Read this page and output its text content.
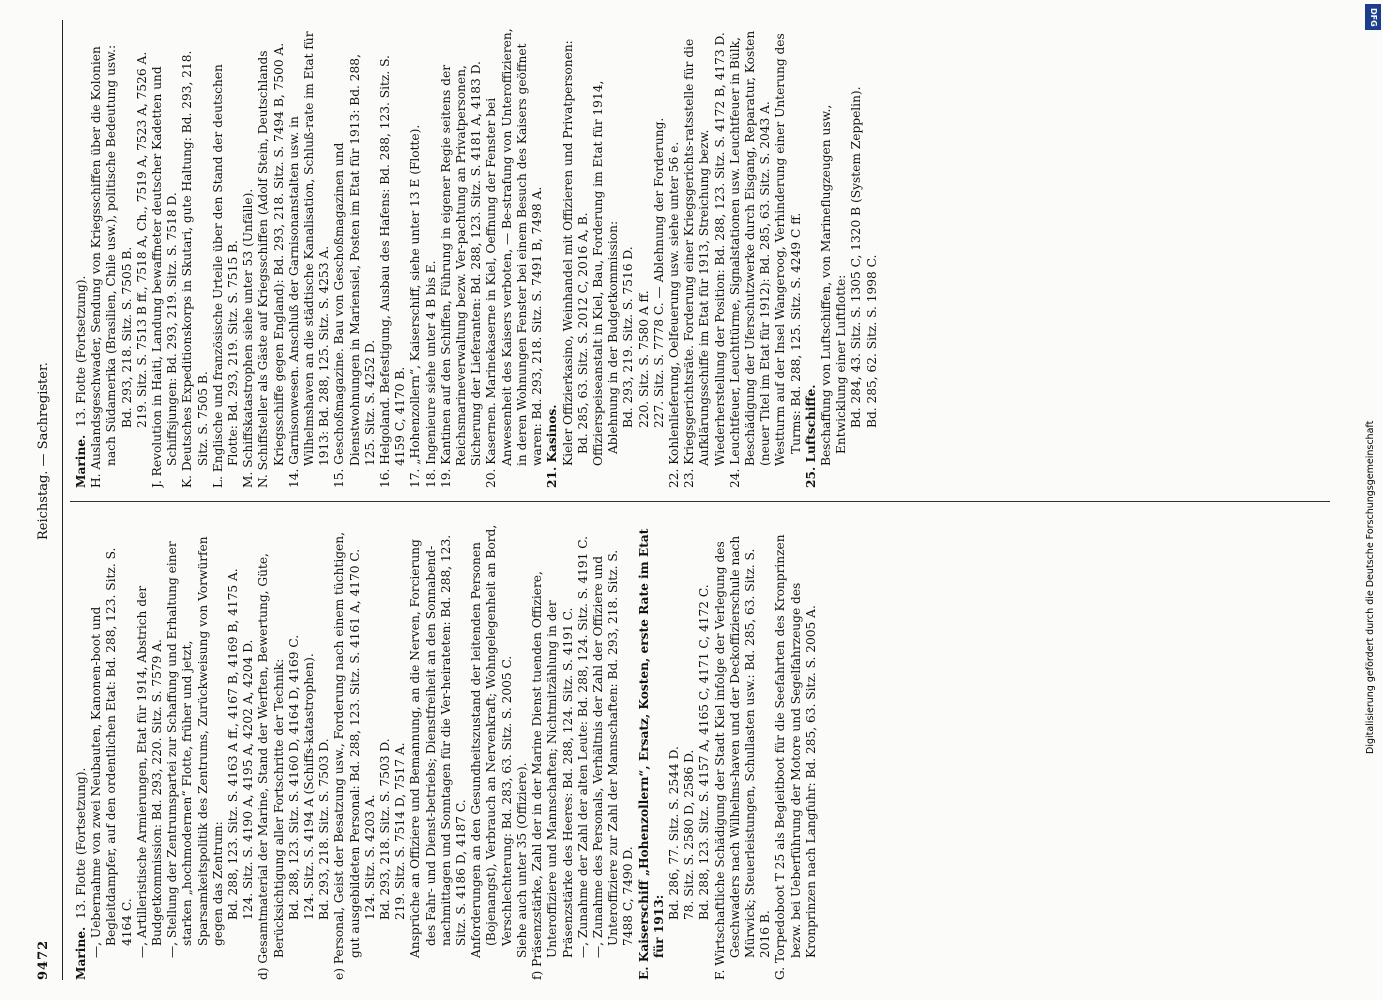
9472
Reichstag. — Sachregister.
Marine.  13. Flotte (Fortsetzung). —, Uebernahme von zwei Neubauten, Kanonen-boot und Begleitdampfer, auf den ordentlichen Etat: Bd. 288, 123. Sitz. S. 4164 C. —, Artilleristische Armierungen, Etat für 1914, Abstrich der Budgetkommission: Bd. 293, 220. Sitz. S. 7579 A. —, Stellung der Zentrumspartei zur Schaffung und Erhaltung einer starken „hochmodernen“ Flotte, früher und jetzt, Sparsamkeitspolitik des Zentrums, Zurückweisung von Vorwürfen gegen das Zentrum: Bd. 288, 123. Sitz. S. 4163 A ff., 4167 B, 4169 B, 4175 A. 124. Sitz. S. 4190 A, 4195 A, 4202 A, 4204 D. d) Gesamtmaterial der Marine, Stand der Werften, Bewertung, Güte, Berücksichtigung aller Fortschritte der Technik: Bd. 288, 123. Sitz. S. 4160 D, 4164 D, 4169 C. 124. Sitz. S. 4194 A (Schiffs-katastrophen). Bd. 293, 218. Sitz. S. 7503 D. e) Personal, Geist der Besatzung usw., Forderung nach einem tüchtigen, gut ausgebildeten Personal: Bd. 288, 123. Sitz. S. 4161 A, 4170 C. 124. Sitz. S. 4203 A. Bd. 293, 218. Sitz. S. 7503 D. 219. Sitz. S. 7514 D, 7517 A. Ansprüche an Offiziere und Bemannung, an die Nerven, Forcierung des Fahr- und Dienst-betriebs; Dienstfreiheit an den Sonnabend-nachmittagen und Sonntagen für die Ver-heirateten: Bd. 288, 123. Sitz. S. 4186 D, 4187 C. Anforderungen an den Gesundheitszustand der leitenden Personen (Bojenangst), Verbrauch an Nervenkraft; Wohngelegenheit an Bord, Verschlechterung: Bd. 283, 63. Sitz. S. 2005 C. Siehe auch unter 35 (Offiziere). f) Präsenzstärke, Zahl der in der Marine Dienst tuenden Offiziere, Unteroffiziere und Mannschaften; Nichtmitzählung in der Präsenzstärke des Heeres: Bd. 288, 124. Sitz. S. 4191 C. —, Zunahme der Zahl der alten Leute: Bd. 288, 124. Sitz. S. 4191 C. —, Zunahme des Personals, Verhältnis der Zahl der Offiziere und Unteroffiziere zur Zahl der Mannschaften: Bd. 293, 218. Sitz. S. 7488 C, 7490 D. E. Kaiserschiff „Hohenzollern“, Ersatz, Kosten, erste Rate im Etat für 1913:
Bd. 286, 77. Sitz. S. 2544 D. 78. Sitz. S. 2580 D, 2586 D. Bd. 288, 123. Sitz. S. 4157 A, 4165 C, 4171 C, 4172 C. F. Wirtschaftliche Schädigung der Stadt Kiel infolge der Verlegung des Geschwaders nach Wilhelms-haven und der Deckoffizierschule nach Mürwick; Steuerleistungen, Schullasten usw.: Bd. 285, 63. Sitz. S. 2016 B. G. Torpedoboot T 25 als Begleitboot für die Seefahrten des Kronprinzen bezw. bei Ueberführung der Motore und Segelfahrzeuge des Kronprinzen nach Langfuhr: Bd. 285, 63. Sitz. S. 2005 A.
Marine.  13. Flotte (Fortsetzung). H. Auslandsgeschwader, Sendung von Kriegsschiffen über die Kolonien nach Südamerika (Brasilien, Chile usw.), politische Bedeutung usw.: Bd. 293, 218. Sitz. S. 7505 B. 219. Sitz. S. 7513 B ff., 7518 A, Ch., 7519 A, 7523 A, 7526 A. J. Revolution in Haiti, Landung bewaffneter deutscher Kadetten und Schiffsjungen: Bd. 293, 219. Sitz. S. 7518 D. K. Deutsches Expeditionskorps in Skutari, gute Haltung: Bd. 293, 218. Sitz. S. 7505 B. L. Englische und französische Urteile über den Stand der deutschen Flotte: Bd. 293, 219. Sitz. S. 7515 B. M. Schiffskatastrophen siehe unter 53 (Unfälle). N. Schiffsteller als Gäste auf Kriegsschiffen (Adolf Stein, Deutschlands Kriegsschiffe gegen England): Bd. 293, 218. Sitz. S. 7494 B, 7500 A. 14. Garnisonwesen. Anschluß der Garnisonanstalten usw. in Wilhelmshaven an die städtische Kanalisation, Schluß-rate im Etat für 1913: Bd. 288, 125. Sitz. S. 4253 A. 15. Geschoßmagazine. Bau von Geschoßmagazinen und Dienstwohnungen in Mariensiel, Posten im Etat für 1913: Bd. 288, 125. Sitz. S. 4252 D. 16. Helgoland. Befestigung, Ausbau des Hafens: Bd. 288, 123. Sitz. S. 4159 C, 4170 B. 17. „Hohenzollern“, Kaiserschiff, siehe unter 13 E (Flotte). 18. Ingenieure siehe unter 4 B bis E. 19. Kantinen auf den Schiffen, Führung in eigener Regie seitens der Reichsmarineverwaltung bezw. Ver-pachtung an Privatpersonen, Sicherung der Lieferanten: Bd. 288, 123. Sitz. S. 4181 A, 4183 D. 20. Kasernen. Marinekaserne in Kiel, Oeffnung der Fenster bei Anwesenheit des Kaisers verboten, — Be-strafung von Unteroffizieren, in deren Wohnungen Fenster bei einem Besuch des Kaisers geöffnet waren: Bd. 293, 218. Sitz. S. 7491 B, 7498 A. 21. Kasinos. Kieler Offizierkasino, Weinhandel mit Offizieren und Privatpersonen: Bd. 285, 63. Sitz. S. 2012 C, 2016 A, B. Offizierspeiseanstalt in Kiel, Bau, Forderung im Etat für 1914, Ablehnung in der Budgetkommission: Bd. 293, 219. Sitz. S. 7516 D. 220. Sitz. S. 7580 A ff. 227. Sitz. S. 7778 C. — Ablehnung der Forderung. 22. Kohlenlieferung, Oelfeuerung usw. siehe unter 56 e. 23. Kriegsgerichtsräte. Forderung einer Kriegsgerichts-ratsstelle für die Aufklärungsschiffe im Etat für 1913, Streichung bezw. Wiederherstellung der Position: Bd. 288, 123. Sitz. S. 4172 B, 4173 D. 24. Leuchtfeuer, Leuchttürme, Signalstationen usw. Leuchtfeuer in Bülk, Beschädigung der Uferschutzwerke durch Eisgang, Reparatur, Kosten (neuer Titel im Etat für 1912): Bd. 285, 63. Sitz. S. 2043 A. Westturm auf der Insel Wangeroog, Verhinderung einer Unterung des Turms: Bd. 288, 125. Sitz. S. 4249 C ff. 25. Luftschiffe. Beschaffung von Luftschiffen, von Marineflugzeugen usw., Entwicklung einer Luftflotte: Bd. 284, 43. Sitz. S. 1305 C, 1320 B (System Zeppelin). Bd. 285, 62. Sitz. S. 1998 C.
DFG
Digitalisierung gefördert durch die Deutsche Forschungsgemeinschaft
